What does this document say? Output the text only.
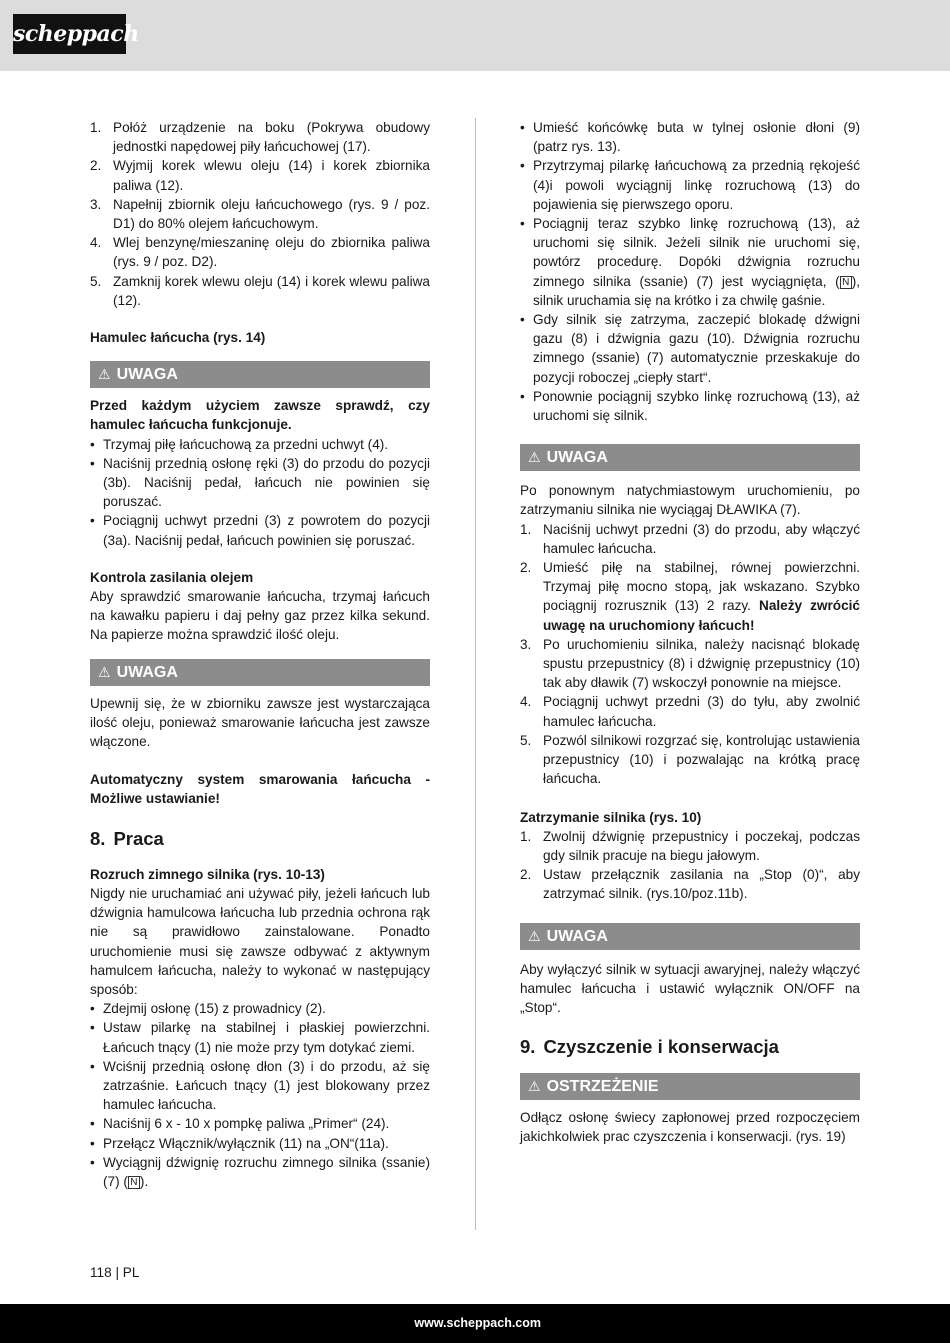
scheppach
1. Połóż urządzenie na boku (Pokrywa obudowy jednostki napędowej piły łańcuchowej (17).
2. Wyjmij korek wlewu oleju (14) i korek zbiornika paliwa (12).
3. Napełnij zbiornik oleju łańcuchowego (rys. 9 / poz. D1) do 80% olejem łańcuchowym.
4. Wlej benzynę/mieszaninę oleju do zbiornika paliwa (rys. 9 / poz. D2).
5. Zamknij korek wlewu oleju (14) i korek wlewu paliwa (12).
Hamulec łańcucha (rys. 14)
⚠ UWAGA

Przed każdym użyciem zawsze sprawdź, czy hamulec łańcucha funkcjonuje.

• Trzymaj piłę łańcuchową za przedni uchwyt (4).
• Naciśnij przednią osłonę ręki (3) do przodu do pozycji (3b). Naciśnij pedał, łańcuch nie powinien się poruszać.
• Pociągnij uchwyt przedni (3) z powrotem do pozycji (3a). Naciśnij pedał, łańcuch powinien się poruszać.
Kontrola zasilania olejem

Aby sprawdzić smarowanie łańcucha, trzymaj łańcuch na kawałku papieru i daj pełny gaz przez kilka sekund. Na papierze można sprawdzić ilość oleju.

⚠ UWAGA

Upewnij się, że w zbiorniku zawsze jest wystarczająca ilość oleju, ponieważ smarowanie łańcucha jest zawsze włączone.

Automatyczny system smarowania łańcucha - Możliwe ustawianie!

8. Praca
Rozruch zimnego silnika (rys. 10-13)

Nigdy nie uruchamiać ani używać piły, jeżeli łańcuch lub dźwignia hamulcowa łańcucha lub przednia ochrona rąk nie są prawidłowo zainstalowane. Ponadto uruchomienie musi się zawsze odbywać z aktywnym hamulcem łańcucha, należy to wykonać w następujący sposób:

• Zdejmij osłonę (15) z prowadnicy (2).
• Ustaw pilarkę na stabilnej i płaskiej powierzchni. Łańcuch tnący (1) nie może przy tym dotykać ziemi.
• Wciśnij przednią osłonę dłon (3) i do przodu, aż się zatrzaśnie. Łańcuch tnący (1) jest blokowany przez hamulec łańcucha.
• Naciśnij 6 x - 10 x pompkę paliwa „Primer“ (24).
• Przełącz Włącznik/wyłącznik (11) na „ON“(11a).
• Wyciągnij dźwignię rozruchu zimnego silnika (ssanie) (7) ( N ).
• Umieść końcówkę buta w tylnej osłonie dłoni (9) (patrz rys. 13).
• Przytrzymaj pilarkę łańcuchową za przednią rękojeść (4)i powoli wyciągnij linkę rozruchową (13) do pojawienia się pierwszego oporu.
• Pociągnij teraz szybko linkę rozruchową (13), aż uruchomi się silnik. Jeżeli silnik nie uruchomi się, powtórz procedurę. Dopóki dźwignia rozruchu zimnego silnika (ssanie) (7) jest wyciągnięta, ( N ), silnik uruchamia się na krótko i za chwilę gaśnie.
• Gdy silnik się zatrzyma, zaczepić blokadę dźwigni gazu (8) i dźwignia gazu (10). Dźwignia rozruchu zimnego (ssanie) (7) automatycznie przeskakuje do pozycji roboczej „ciepły start“.
• Ponownie pociągnij szybko linkę rozruchową (13), aż uruchomi się silnik.
⚠ UWAGA

Po ponownym natychmiastowym uruchomieniu, po zatrzymaniu silnika nie wyciągaj DŁAWIKA (7).

1. Naciśnij uchwyt przedni (3) do przodu, aby włączyć hamulec łańcucha.
2. Umieść piłę na stabilnej, równej powierzchni. Trzymaj piłę mocno stopą, jak wskazano. Szybko pociągnij rozrusznik (13) 2 razy. Należy zwrócić uwagę na uruchomiony łańcuch!
3. Po uruchomieniu silnika, należy nacisnąć blokadę spustu przepustnicy (8) i dźwignię przepustnicy (10) tak aby dławik (7) wskoczył ponownie na miejsce.
4. Pociągnij uchwyt przedni (3) do tyłu, aby zwolnić hamulec łańcucha.
5. Pozwól silnikowi rozgrzać się, kontrolując ustawienia przepustnicy (10) i pozwalając na krótką pracę łańcucha.
Zatrzymanie silnika (rys. 10)
1. Zwolnij dźwignię przepustnicy i poczekaj, podczas gdy silnik pracuje na biegu jałowym.
2. Ustaw przełącznik zasilania na „Stop (0)“, aby zatrzymać silnik. (rys.10/poz.11b).
⚠ UWAGA

Aby wyłączyć silnik w sytuacji awaryjnej, należy włączyć hamulec łańcucha i ustawić wyłącznik ON/OFF na „Stop“.

9. Czyszczenie i konserwacja
⚠ OSTRZEŻENIE

Odłącz osłonę świecy zapłonowej przed rozpoczęciem jakichkolwiek prac czyszczenia i konserwacji. (rys. 19)

118 | PL
www.scheppach.com
